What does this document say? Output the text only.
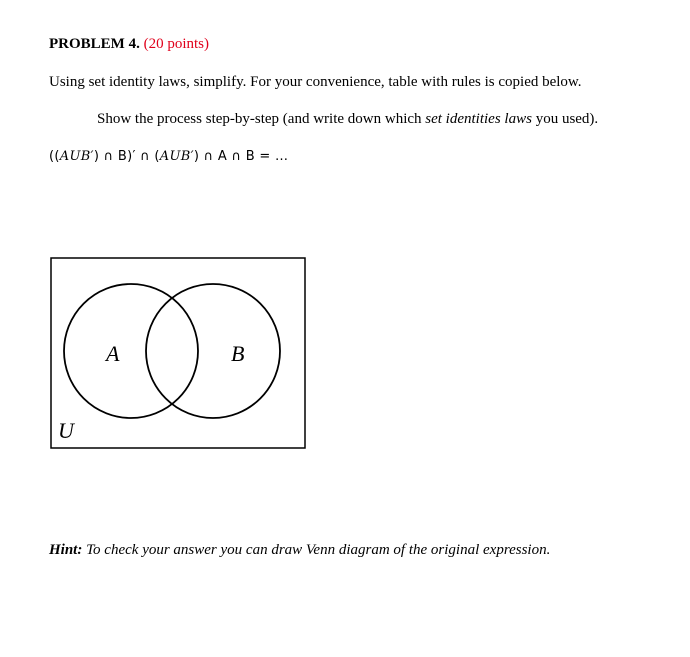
PROBLEM 4. (20 points)
Using set identity laws, simplify. For your convenience, table with rules is copied below.
Show the process step-by-step (and write down which set identities laws you used).
((AUB′) ∩ B)′ ∩ (AUB′) ∩ A ∩ B = …
A	B
U
Hint: To check your answer you can draw Venn diagram of the original expression.
